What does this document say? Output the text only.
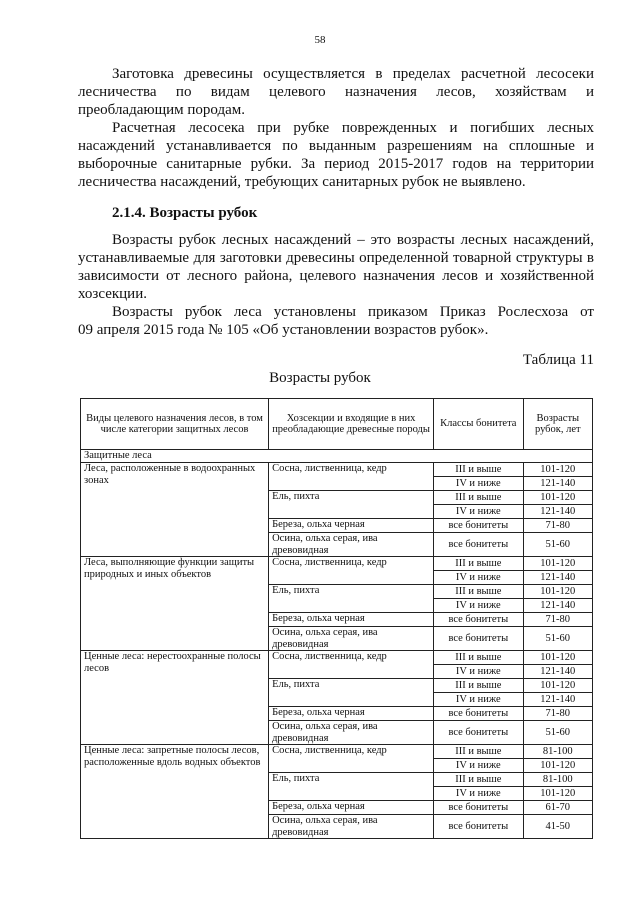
58
Заготовка древесины осуществляется в пределах расчетной лесосеки
лесничества по видам целевого назначения лесов, хозяйствам и
преобладающим породам.
Расчетная лесосека при рубке поврежденных и погибших лесных
насаждений устанавливается по выданным разрешениям на сплошные и
выборочные санитарные рубки. За период 2015-2017 годов на территории
лесничества насаждений, требующих санитарных рубок не выявлено.
2.1.4. Возрасты рубок
Возрасты рубок лесных насаждений – это возрасты лесных насаждений,
устанавливаемые для заготовки древесины определенной товарной структуры в
зависимости от лесного района, целевого назначения лесов и хозяйственной
хозсекции.
Возрасты рубок леса установлены приказом Приказ Рослесхоза от
09 апреля 2015 года № 105 «Об установлении возрастов рубок».
Таблица 11
Возрасты рубок
Виды целевого назначения лесов, в том числе категории защитных лесов	Хозсекции и входящие в них преобладающие древесные породы	Классы бонитета	Возрасты рубок, лет
Защитные леса			
Леса, расположенные в водоохранных зонах	Сосна, лиственница, кедр	III и выше	101-120
		IV и ниже	121-140
	Ель, пихта	III и выше	101-120
		IV и ниже	121-140
	Береза, ольха черная	все бонитеты	71-80
	Осина, ольха серая, ива древовидная	все бонитеты	51-60
Леса, выполняющие функции защиты природных и иных объектов	Сосна, лиственница, кедр	III и выше	101-120
		IV и ниже	121-140
	Ель, пихта	III и выше	101-120
		IV и ниже	121-140
	Береза, ольха черная	все бонитеты	71-80
	Осина, ольха серая, ива древовидная	все бонитеты	51-60
Ценные леса: нерестоохранные полосы лесов	Сосна, лиственница, кедр	III и выше	101-120
		IV и ниже	121-140
	Ель, пихта	III и выше	101-120
		IV и ниже	121-140
	Береза, ольха черная	все бонитеты	71-80
	Осина, ольха серая, ива древовидная	все бонитеты	51-60
Ценные леса: запретные полосы лесов, расположенные вдоль водных объектов	Сосна, лиственница, кедр	III и выше	81-100
		IV и ниже	101-120
	Ель, пихта	III и выше	81-100
		IV и ниже	101-120
	Береза, ольха черная	все бонитеты	61-70
	Осина, ольха серая, ива древовидная	все бонитеты	41-50
